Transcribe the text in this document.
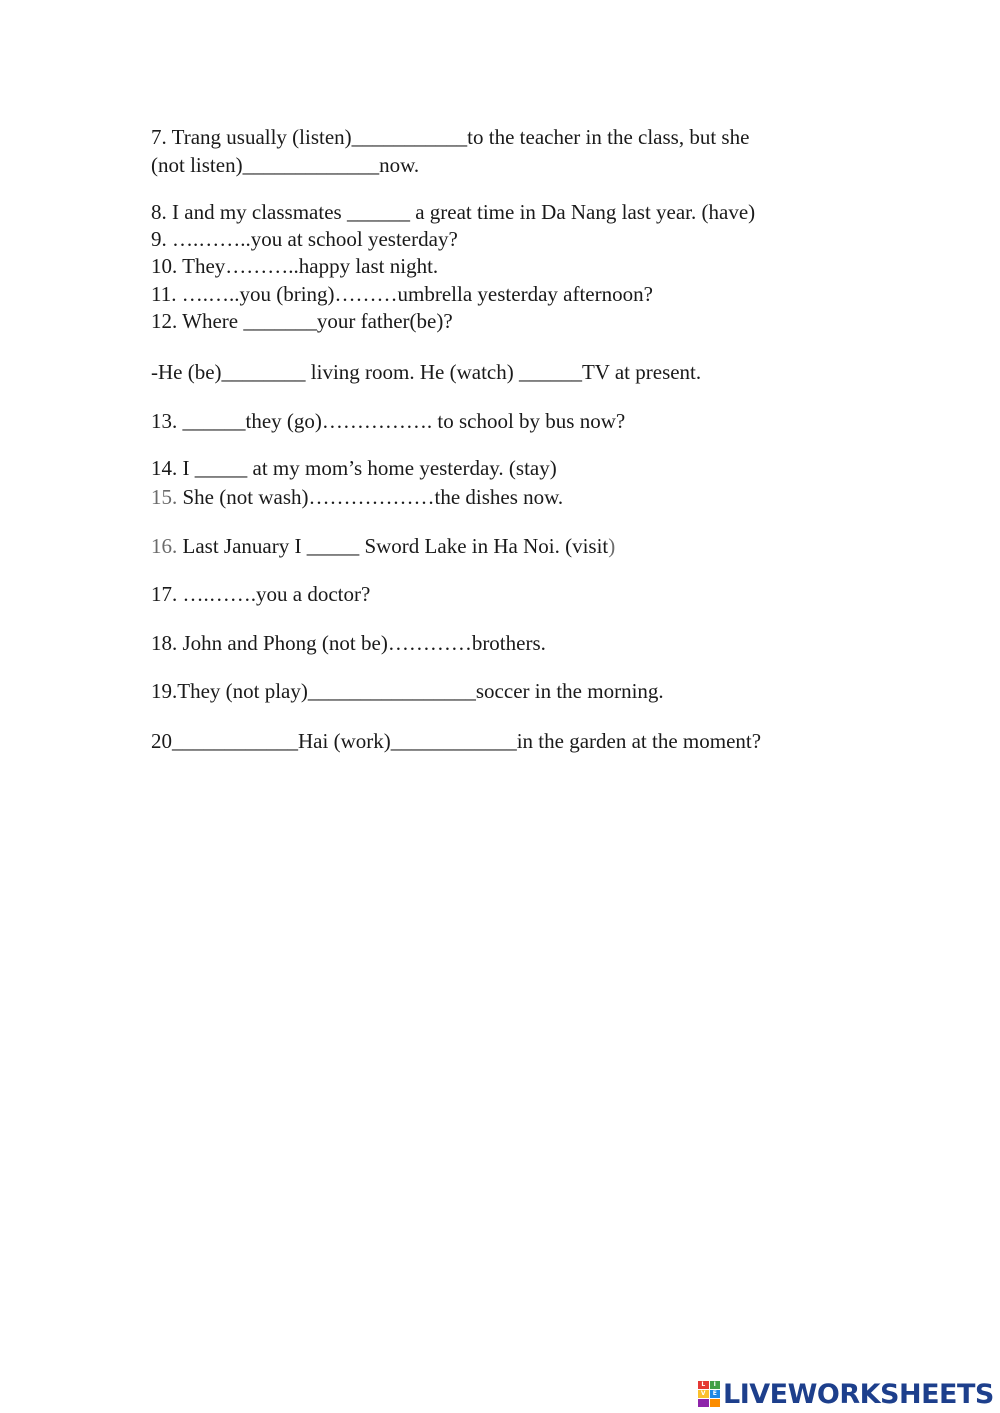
7. Trang usually (listen)___________to the teacher in the class, but she

(not listen)_____________now.

8. I and my classmates ______ a great time in Da Nang last year. (have)

9. ….……..you at school yesterday?

10. They………..happy last night.

11. ….…..you (bring)………umbrella yesterday afternoon?

12. Where _______your father(be)?

-He (be)________ living room. He (watch) ______TV at present.

13. ______they (go)……………. to school by bus now?

14. I _____ at my mom’s home yesterday. (stay)

15. She (not wash)………………the dishes now.

16. Last January I _____ Sword Lake in Ha Noi. (visit)

17. ….…….you a doctor?

18. John and Phong (not be)…………brothers.

19.They (not play)________________soccer in the morning.

20____________Hai (work)____________in the garden at the moment?

L	I
V	E LIVEWORKSHEETS
